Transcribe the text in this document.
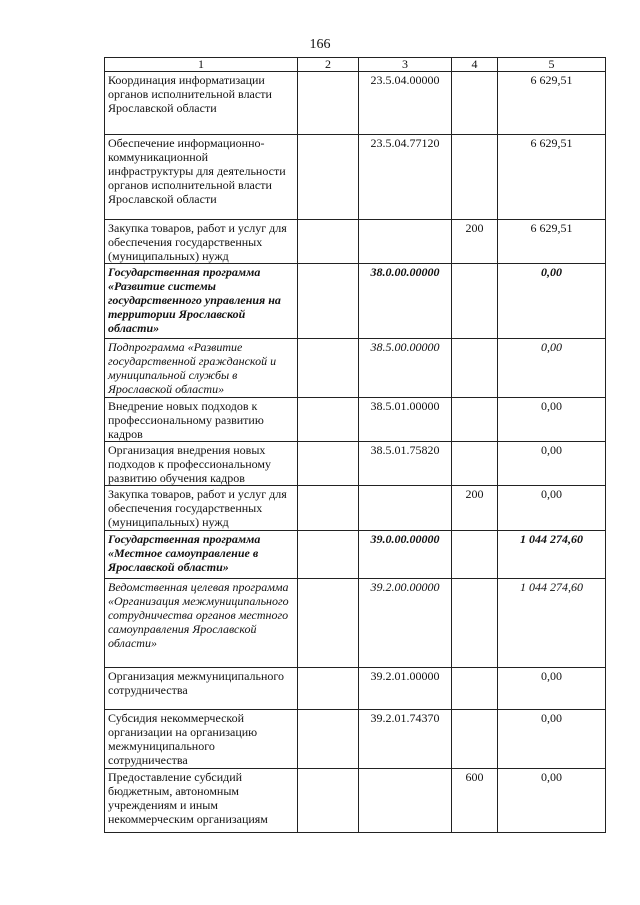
166
1	2	3	4	5
Координация информатизации органов исполнительной власти Ярославской области		23.5.04.00000		6 629,51
Обеспечение информационно-коммуникационной инфраструктуры для деятельности органов исполнительной власти Ярославской области		23.5.04.77120		6 629,51
Закупка товаров, работ и услуг для обеспечения государственных (муниципальных) нужд			200	6 629,51
Государственная программа «Развитие системы государственного управления на территории Ярославской области»		38.0.00.00000		0,00
Подпрограмма «Развитие государственной гражданской и муниципальной службы в Ярославской области»		38.5.00.00000		0,00
Внедрение новых подходов к профессиональному развитию кадров		38.5.01.00000		0,00
Организация внедрения новых подходов к профессиональному развитию обучения кадров		38.5.01.75820		0,00
Закупка товаров, работ и услуг для обеспечения государственных (муниципальных) нужд			200	0,00
Государственная программа «Местное самоуправление в Ярославской области»		39.0.00.00000		1 044 274,60
Ведомственная целевая программа «Организация межмуниципального сотрудничества органов местного самоуправления Ярославской области»		39.2.00.00000		1 044 274,60
Организация межмуниципального сотрудничества		39.2.01.00000		0,00
Субсидия некоммерческой организации на организацию межмуниципального сотрудничества		39.2.01.74370		0,00
Предоставление субсидий бюджетным, автономным учреждениям и иным некоммерческим организациям			600	0,00
